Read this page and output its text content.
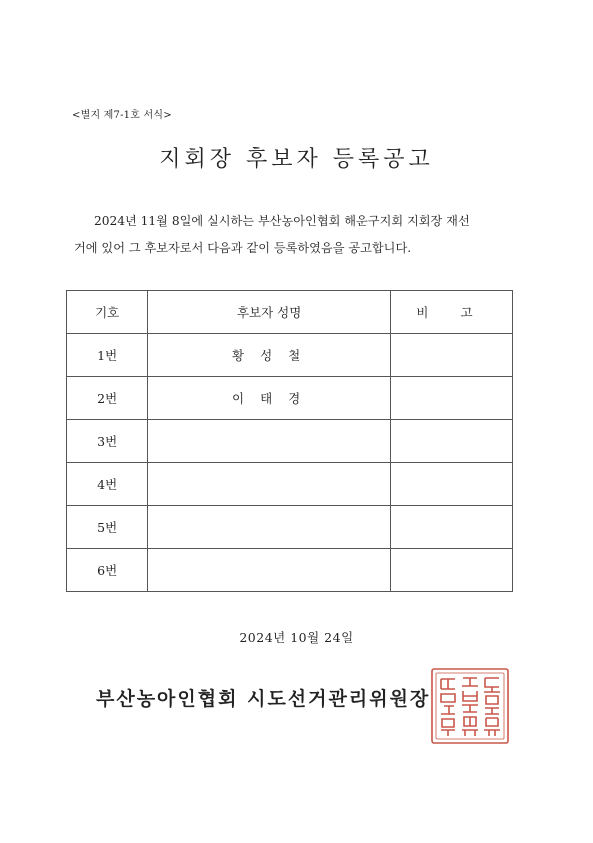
<별지 제7-1호 서식>
지회장 후보자 등록공고

2024년 11월 8일에 실시하는 부산농아인협회 해운구지회 지회장 재선
거에 있어 그 후보자로서 다음과 같이 등록하였음을 공고합니다.

기호	후보자 성명	비 고
1번	황 성 철	
2번	이 태 경	
3번		
4번		
5번		
6번		
2024년 10월 24일
부산농아인협회 시도선거관리위원장
